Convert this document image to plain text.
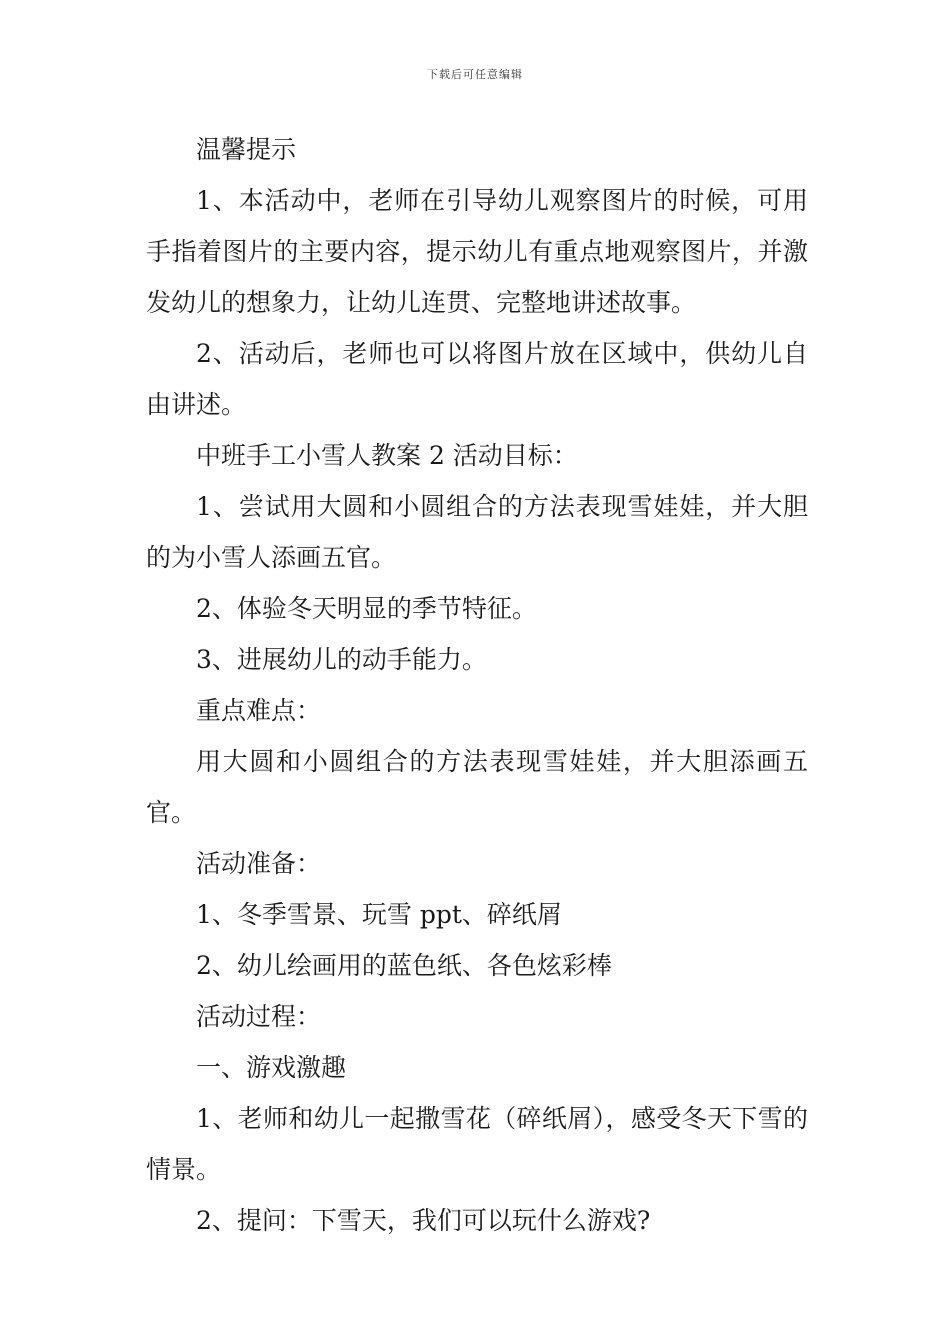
下载后可任意编辑

温馨提示

1、本活动中，老师在引导幼儿观察图片的时候，可用手指着图片的主要内容，提示幼儿有重点地观察图片，并激发幼儿的想象力，让幼儿连贯、完整地讲述故事。

2、活动后，老师也可以将图片放在区域中，供幼儿自由讲述。

中班手工小雪人教案 2 活动目标：

1、尝试用大圆和小圆组合的方法表现雪娃娃，并大胆的为小雪人添画五官。

2、体验冬天明显的季节特征。

3、进展幼儿的动手能力。

重点难点：

用大圆和小圆组合的方法表现雪娃娃，并大胆添画五官。

活动准备：

1、冬季雪景、玩雪 ppt、碎纸屑

2、幼儿绘画用的蓝色纸、各色炫彩棒

活动过程：

一、游戏激趣

1、老师和幼儿一起撒雪花（碎纸屑），感受冬天下雪的情景。

2、提问：下雪天，我们可以玩什么游戏?
